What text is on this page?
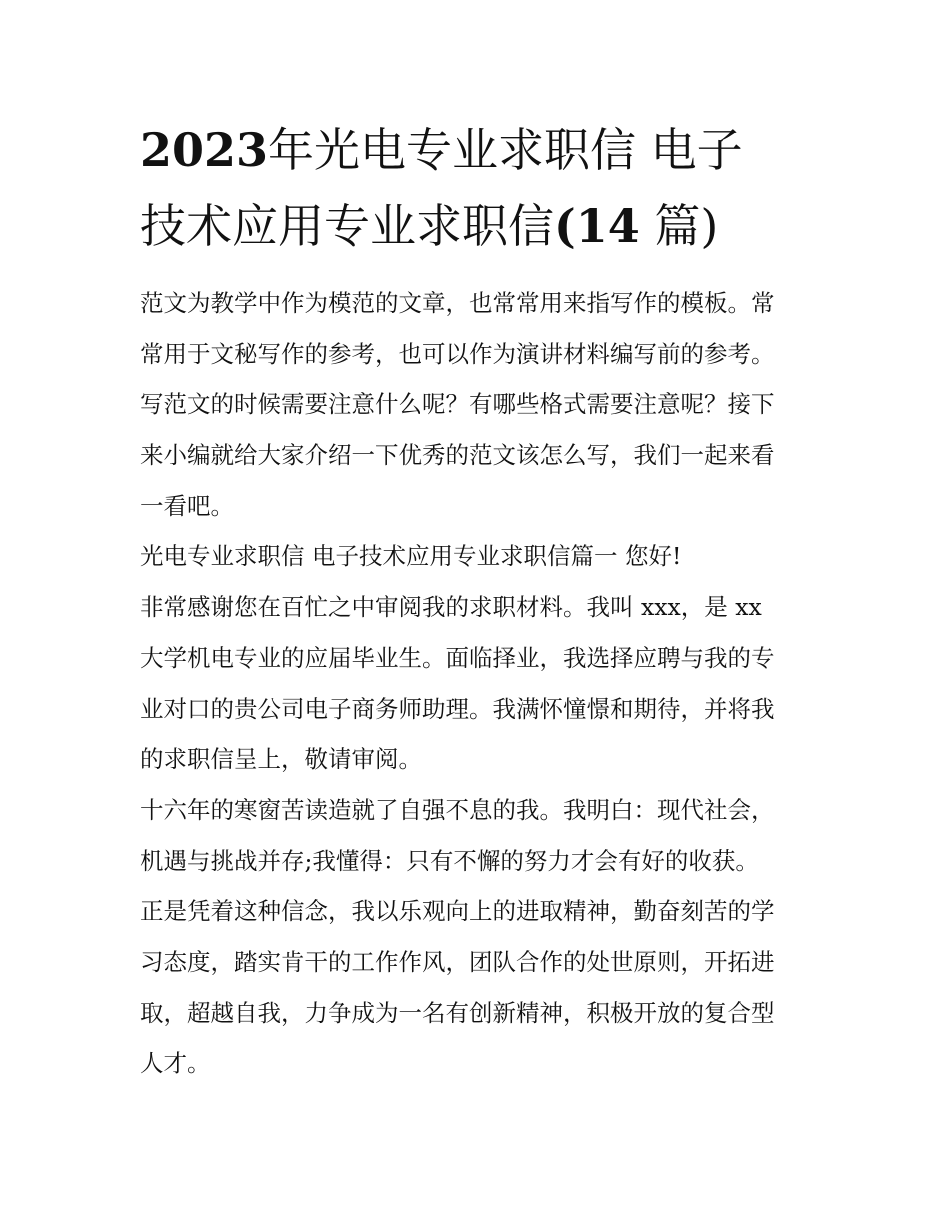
2023年光电专业求职信 电子
技术应用专业求职信(14 篇)
范文为教学中作为模范的文章，也常常用来指写作的模板。常
常用于文秘写作的参考，也可以作为演讲材料编写前的参考。
写范文的时候需要注意什么呢？有哪些格式需要注意呢？接下
来小编就给大家介绍一下优秀的范文该怎么写，我们一起来看
一看吧。
光电专业求职信 电子技术应用专业求职信篇一 您好!
非常感谢您在百忙之中审阅我的求职材料。我叫 xxx，是 xx
大学机电专业的应届毕业生。面临择业，我选择应聘与我的专
业对口的贵公司电子商务师助理。我满怀憧憬和期待，并将我
的求职信呈上，敬请审阅。
十六年的寒窗苦读造就了自强不息的我。我明白：现代社会，
机遇与挑战并存;我懂得：只有不懈的努力才会有好的收获。
正是凭着这种信念，我以乐观向上的进取精神，勤奋刻苦的学
习态度，踏实肯干的工作作风，团队合作的处世原则，开拓进
取，超越自我，力争成为一名有创新精神，积极开放的复合型
人才。
